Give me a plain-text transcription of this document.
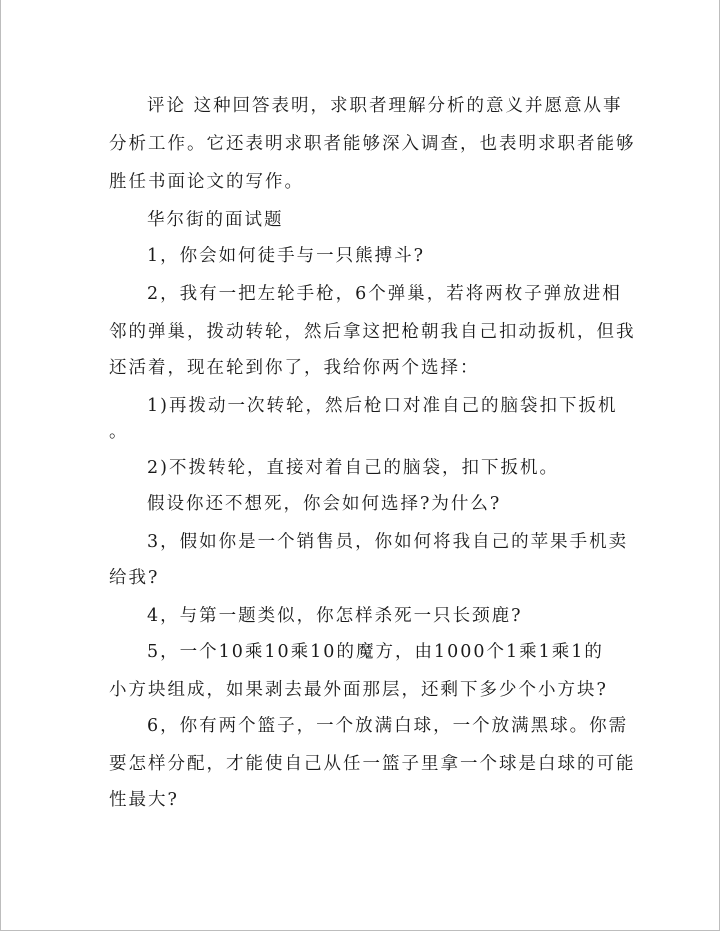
评论 这种回答表明，求职者理解分析的意义并愿意从事
分析工作。它还表明求职者能够深入调查，也表明求职者能够
胜任书面论文的写作。
华尔街的面试题
1，你会如何徒手与一只熊搏斗?
2，我有一把左轮手枪，6个弹巢，若将两枚子弹放进相
邻的弹巢，拨动转轮，然后拿这把枪朝我自己扣动扳机，但我
还活着，现在轮到你了，我给你两个选择：
1)再拨动一次转轮，然后枪口对准自己的脑袋扣下扳机
。
2)不拨转轮，直接对着自己的脑袋，扣下扳机。
假设你还不想死，你会如何选择?为什么?
3，假如你是一个销售员，你如何将我自己的苹果手机卖
给我?
4，与第一题类似，你怎样杀死一只长颈鹿?
5，一个10乘10乘10的魔方，由1000个1乘1乘1的
小方块组成，如果剥去最外面那层，还剩下多少个小方块?
6，你有两个篮子，一个放满白球，一个放满黑球。你需
要怎样分配，才能使自己从任一篮子里拿一个球是白球的可能
性最大?
